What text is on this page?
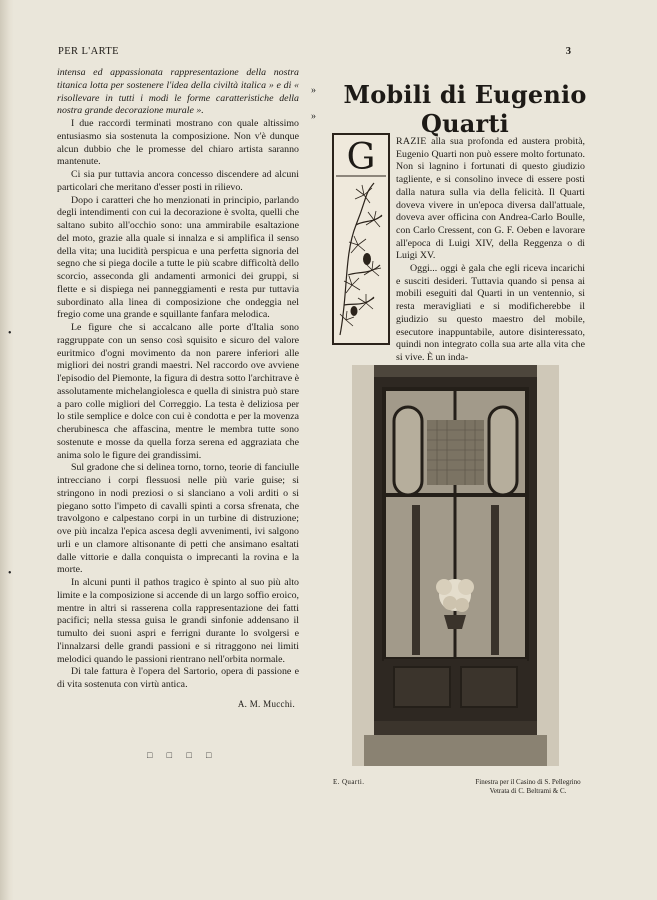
PER L'ARTE	3
»
»
•
•

intensa ed appassionata rappresentazione della nostra titanica lotta per sostenere l'idea della civiltà italica » e di « risollevare in tutti i modi le forme caratteristiche della nostra grande decorazione murale ».

I due raccordi terminati mostrano con quale altissimo entusiasmo sia sostenuta la composizione. Non v'è dunque alcun dubbio che le promesse del chiaro artista saranno mantenute.

Ci sia pur tuttavia ancora concesso discendere ad alcuni particolari che meritano d'esser posti in rilievo.

Dopo i caratteri che ho menzionati in principio, parlando degli intendimenti con cui la decorazione è svolta, quelli che saltano subito all'occhio sono: una ammirabile esaltazione del moto, grazie alla quale si innalza e si amplifica il senso della vita; una lucidità perspicua e una perfetta signoria del segno che si piega docile a tutte le più scabre difficoltà dello scorcio, asseconda gli andamenti armonici dei gruppi, si flette e si dispiega nei panneggiamenti e resta pur tuttavia subordinato alla linea di composizione che ondeggia nel fregio come una grande e squillante fanfara melodica.

Le figure che si accalcano alle porte d'Italia sono raggruppate con un senso così squisito e sicuro del valore euritmico d'ogni movimento da non parere inferiori alle migliori dei nostri grandi maestri. Nel raccordo ove avviene l'episodio del Piemonte, la figura di destra sotto l'architrave è assolutamente michelangiolesca e quella di sinistra può stare a paro colle migliori del Correggio. La testa è deliziosa per lo stile semplice e dolce con cui è condotta e per la movenza cherubinesca che affascina, mentre le membra tutte sono sostenute e mosse da quella forza serena ed aggraziata che anima solo le figure dei grandissimi.

Sul gradone che si delinea torno, torno, teorie di fanciulle intrecciano i corpi flessuosi nelle più varie guise; si stringono in nodi preziosi o si slanciano a voli arditi o si piegano sotto l'impeto di cavalli spinti a corsa sfrenata, che travolgono e calpestano corpi in un turbine di distruzione; ove più incalza l'epica ascesa degli avvenimenti, ivi salgono urli e un clamore altisonante di petti che ansimano esaltati dalle vittorie e dalla conquista o imprecanti la rovina e la morte.

In alcuni punti il pathos tragico è spinto al suo più alto limite e la composizione si accende di un largo soffio eroico, mentre in altri si rasserena colla rappresentazione dei fatti pacifici; nella stessa guisa le grandi sinfonie addensano il tumulto dei suoni aspri e ferrigni durante lo svolgersi e l'innalzarsi delle grandi passioni e si ritraggono nei limiti melodici quando le passioni rientrano nell'orbita normale.

Di tale fattura è l'opera del Sartorio, opera di passione e di vita sostenuta con virtù antica.

A. M. Mucchi.
□ □ □ □
Mobili di Eugenio Quarti
G RAZIE alla sua profonda ed austera probità, Eugenio Quarti non può essere molto fortunato. Non si lagnino i fortunati di questo giudizio tagliente, e si consolino invece di essere posti dalla natura sulla via della felicità. Il Quarti doveva vivere in un'epoca diversa dall'attuale, doveva aver officina con Andrea-Carlo Boulle, con Carlo Cressent, con G. F. Oeben e lavorare all'epoca di Luigi XIV, della Reggenza o di Luigi XV.

Oggi... oggi è gala che egli riceva incarichi e susciti desideri. Tuttavia quando si pensa ai mobili eseguiti dal Quarti in un ventennio, si resta meravigliati e si modificherebbe il giudizio su questo maestro del mobile, esecutore inappuntabile, autore disinteressato, quindi non integrato colla sua arte alla vita che si vive. È un inda-

E. Quarti.	Finestra per il Casino di S. Pellegrino
Vetrata di C. Beltrami & C.
